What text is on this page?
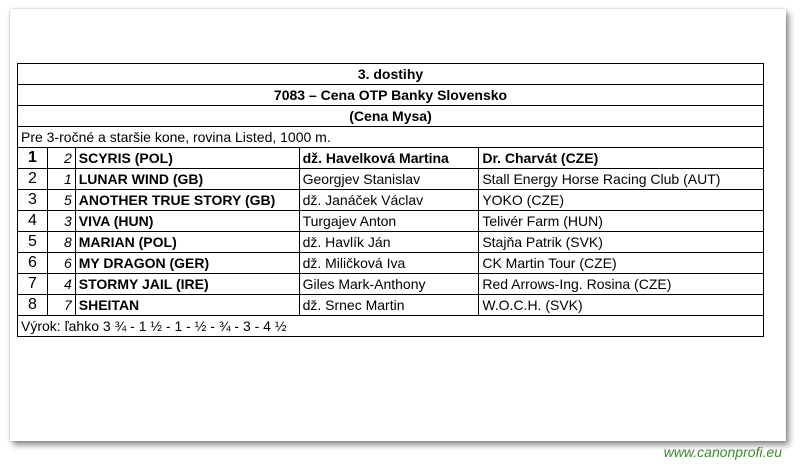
3. dostihy				
7083 – Cena OTP Banky Slovensko				
(Cena Mysa)				
Pre 3-ročné a staršie kone, rovina Listed, 1000 m.				
1	2	SCYRIS (POL)	dž. Havelková Martina	Dr. Charvát (CZE)
2	1	LUNAR WIND (GB)	Georgjev Stanislav	Stall Energy Horse Racing Club (AUT)
3	5	ANOTHER TRUE STORY (GB)	dž. Janáček Václav	YOKO (CZE)
4	3	VIVA (HUN)	Turgajev Anton	Telivér Farm (HUN)
5	8	MARIAN (POL)	dž. Havlík Ján	Stajňa Patrik (SVK)
6	6	MY DRAGON (GER)	dž. Miličková Iva	CK Martin Tour (CZE)
7	4	STORMY JAIL (IRE)	Giles Mark-Anthony	Red Arrows-Ing. Rosina (CZE)
8	7	SHEITAN	dž. Srnec Martin	W.O.C.H. (SVK)
Výrok: ľahko 3 ¾ - 1 ½ - 1 - ½ - ¾ - 3 - 4 ½				
www.canonprofi.eu
